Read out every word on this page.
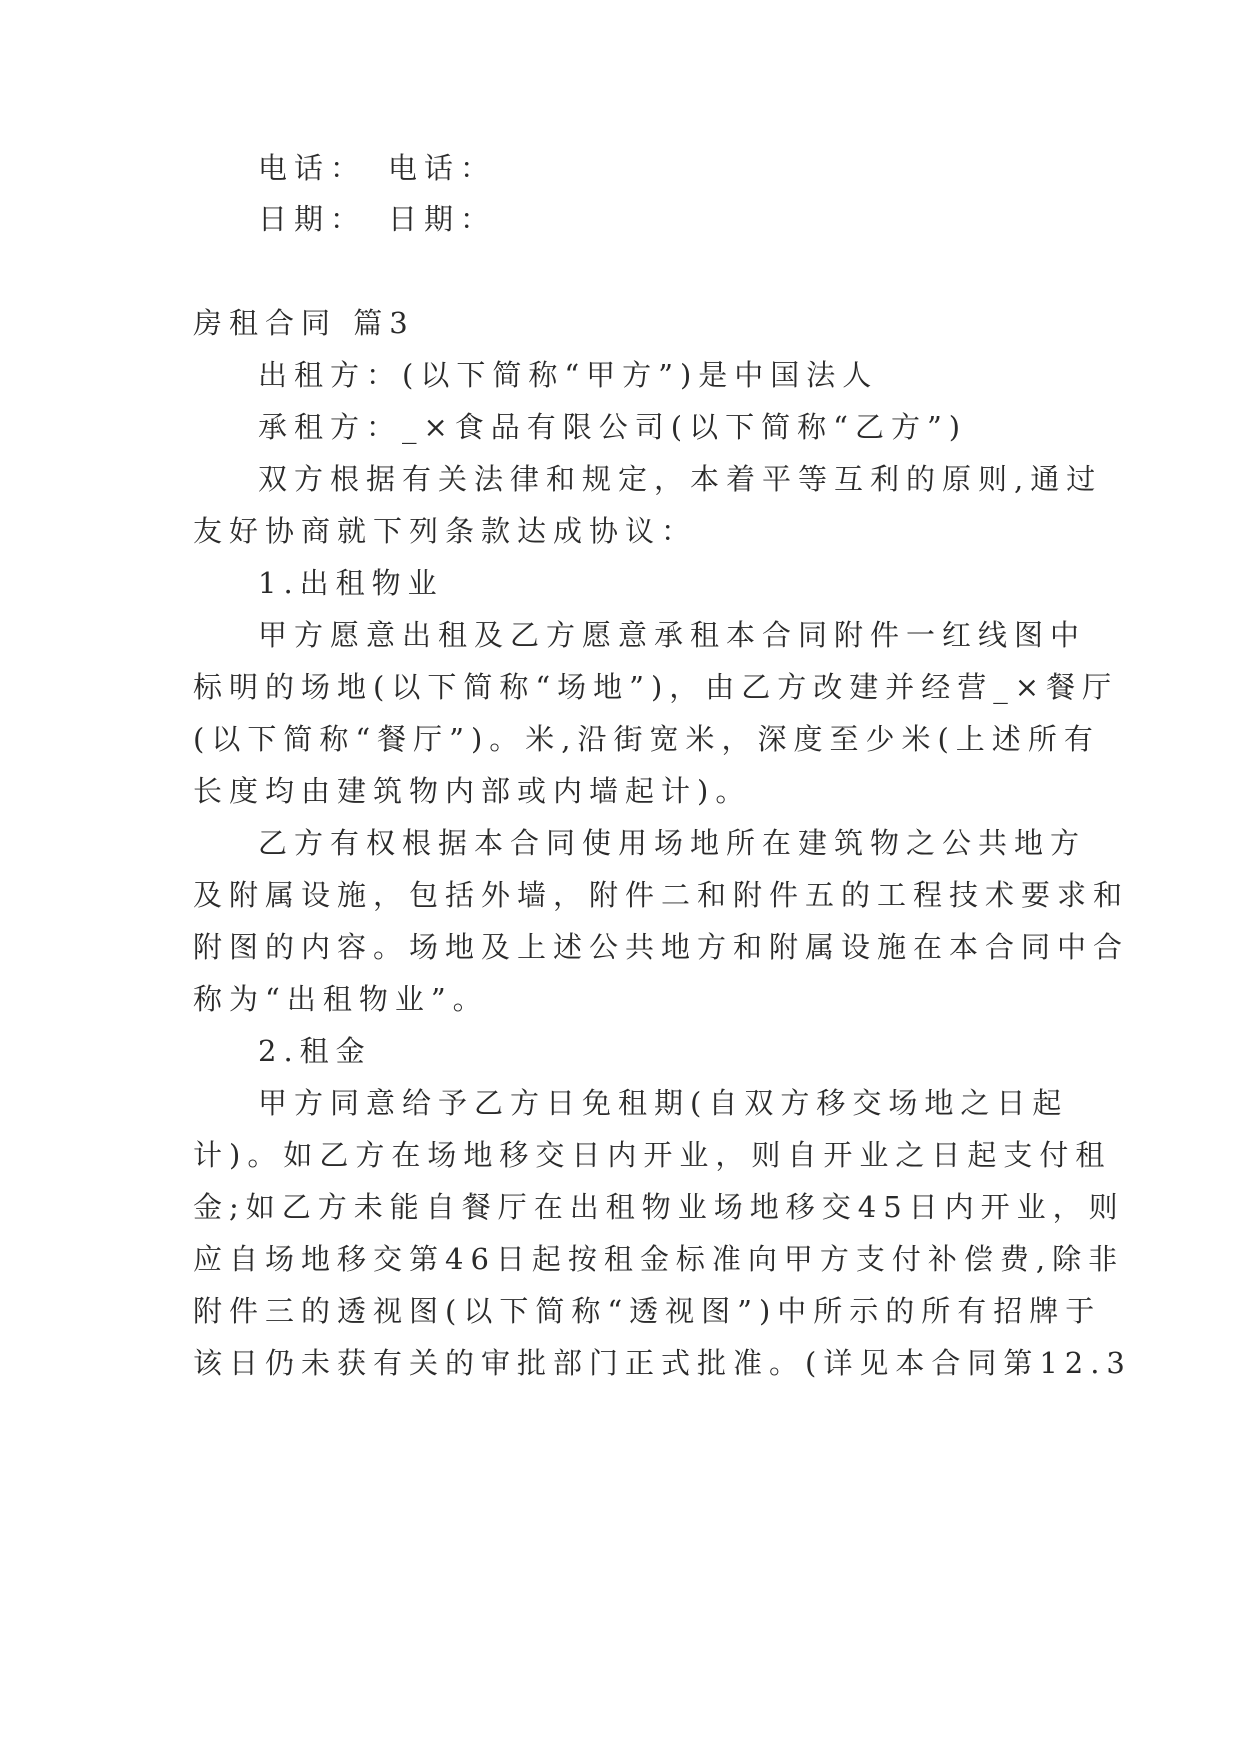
电话： 电话：
日期： 日期：
房租合同 篇3
出租方：(以下简称“甲方”)是中国法人
承租方：_×食品有限公司(以下简称“乙方”)
双方根据有关法律和规定，本着平等互利的原则,通过
友好协商就下列条款达成协议：
1.出租物业
甲方愿意出租及乙方愿意承租本合同附件一红线图中
标明的场地(以下简称“场地”)，由乙方改建并经营_×餐厅
(以下简称“餐厅”)。米,沿街宽米，深度至少米(上述所有
长度均由建筑物内部或内墙起计)。
乙方有权根据本合同使用场地所在建筑物之公共地方
及附属设施，包括外墙，附件二和附件五的工程技术要求和
附图的内容。场地及上述公共地方和附属设施在本合同中合
称为“出租物业”。
2.租金
甲方同意给予乙方日免租期(自双方移交场地之日起
计)。如乙方在场地移交日内开业，则自开业之日起支付租
金;如乙方未能自餐厅在出租物业场地移交45日内开业，则
应自场地移交第46日起按租金标准向甲方支付补偿费,除非
附件三的透视图(以下简称“透视图”)中所示的所有招牌于
该日仍未获有关的审批部门正式批准。(详见本合同第12.3
